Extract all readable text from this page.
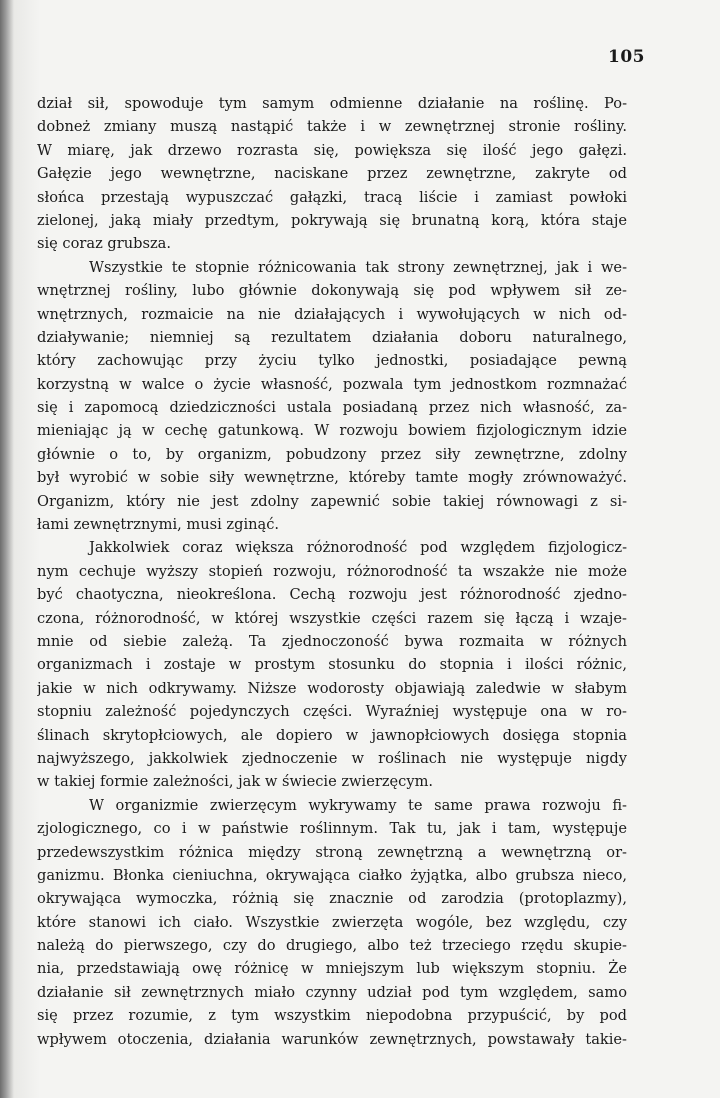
105
dział sił, spowoduje tym samym odmienne działanie na roślinę. Po-
dobneż zmiany muszą nastąpić także i w zewnętrznej stronie rośliny.
W miarę, jak drzewo rozrasta się, powiększa się ilość jego gałęzi.
Gałęzie jego wewnętrzne, naciskane przez zewnętrzne, zakryte od
słońca przestają wypuszczać gałązki, tracą liście i zamiast powłoki
zielonej, jaką miały przedtym, pokrywają się brunatną korą, która staje
się coraz grubsza.
Wszystkie te stopnie różnicowania tak strony zewnętrznej, jak i we-
wnętrznej rośliny, lubo głównie dokonywają się pod wpływem sił ze-
wnętrznych, rozmaicie na nie działających i wywołujących w nich od-
działywanie; niemniej są rezultatem działania doboru naturalnego,
który zachowując przy życiu tylko jednostki, posiadające pewną
korzystną w walce o życie własność, pozwala tym jednostkom rozmnażać
się i zapomocą dziedziczności ustala posiadaną przez nich własność, za-
mieniając ją w cechę gatunkową. W rozwoju bowiem fizjologicznym idzie
głównie o to, by organizm, pobudzony przez siły zewnętrzne, zdolny
był wyrobić w sobie siły wewnętrzne, któreby tamte mogły zrównoważyć.
Organizm, który nie jest zdolny zapewnić sobie takiej równowagi z si-
łami zewnętrznymi, musi zginąć.
Jakkolwiek coraz większa różnorodność pod względem fizjologicz-
nym cechuje wyższy stopień rozwoju, różnorodność ta wszakże nie może
być chaotyczna, nieokreślona. Cechą rozwoju jest różnorodność zjedno-
czona, różnorodność, w której wszystkie części razem się łączą i wzaje-
mnie od siebie zależą. Ta zjednoczoność bywa rozmaita w różnych
organizmach i zostaje w prostym stosunku do stopnia i ilości różnic,
jakie w nich odkrywamy. Niższe wodorosty objawiają zaledwie w słabym
stopniu zależność pojedynczych części. Wyraźniej występuje ona w ro-
ślinach skrytopłciowych, ale dopiero w jawnopłciowych dosięga stopnia
najwyższego, jakkolwiek zjednoczenie w roślinach nie występuje nigdy
w takiej formie zależności, jak w świecie zwierzęcym.
W organizmie zwierzęcym wykrywamy te same prawa rozwoju fi-
zjologicznego, co i w państwie roślinnym. Tak tu, jak i tam, występuje
przedewszystkim różnica między stroną zewnętrzną a wewnętrzną or-
ganizmu. Błonka cieniuchna, okrywająca ciałko żyjątka, albo grubsza nieco,
okrywająca wymoczka, różnią się znacznie od zarodzia (protoplazmy),
które stanowi ich ciało. Wszystkie zwierzęta wogóle, bez względu, czy
należą do pierwszego, czy do drugiego, albo też trzeciego rzędu skupie-
nia, przedstawiają owę różnicę w mniejszym lub większym stopniu. Że
działanie sił zewnętrznych miało czynny udział pod tym względem, samo
się przez rozumie, z tym wszystkim niepodobna przypuścić, by pod
wpływem otoczenia, działania warunków zewnętrznych, powstawały takie-
